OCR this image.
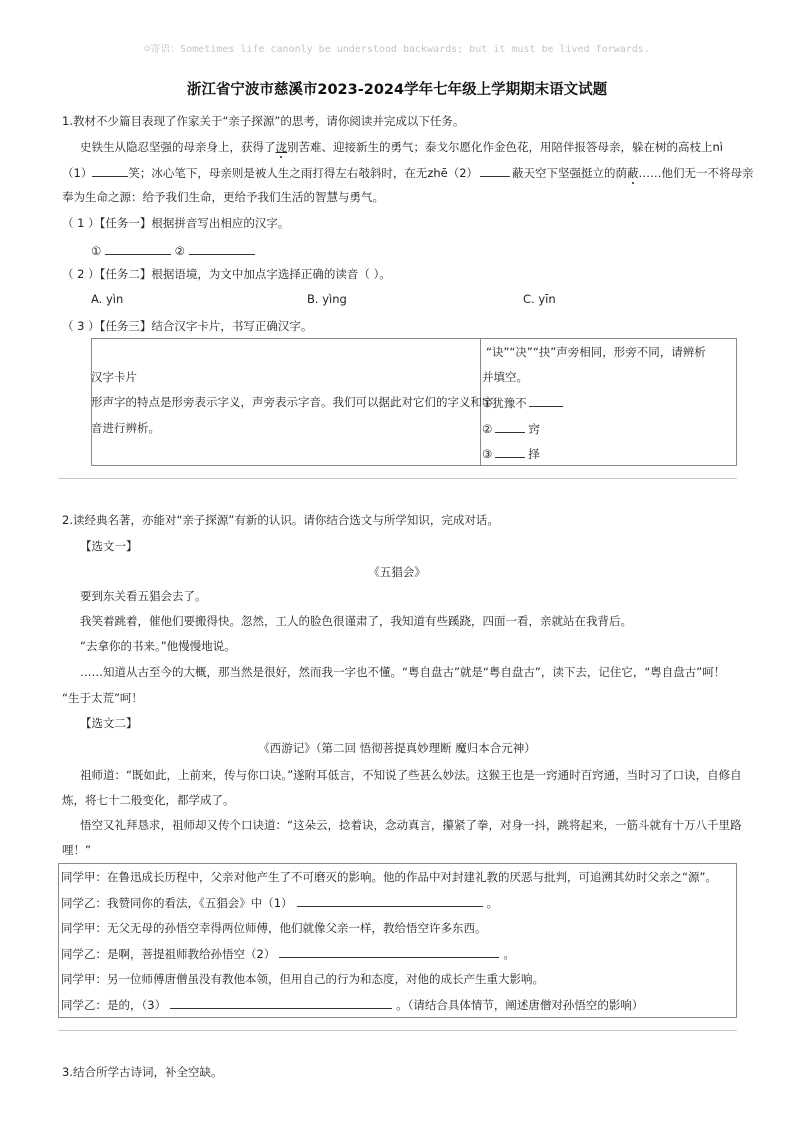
☺寄语：Sometimes life canonly be understood backwards; but it must be lived forwards.
浙江省宁波市慈溪市2023-2024学年七年级上学期期末语文试题
1.教材不少篇目表现了作家关于“亲子探源”的思考，请你阅读并完成以下任务。
史铁生从隐忍坚强的母亲身上，获得了泷别苦难、迎接新生的勇气；泰戈尔愿化作金色花，用陪伴报答母亲，躲在树的高枝上nì
（1）	笑；冰心笔下，母亲则是被人生之雨打得左右攲斜时，在无zhē（2）	蔽天空下坚强挺立的荫蔽……他们无一不将母亲
奉为生命之源：给予我们生命，更给予我们生活的智慧与勇气。
（ 1 ）【任务一】根据拼音写出相应的汉字。
①	②
（ 2 ）【任务二】根据语境，为文中加点字选择正确的读音（ ）。
A. yìn	B. yìng	C. yīn
（ 3 ）【任务三】结合汉字卡片，书写正确汉字。
汉字卡片
形声字的特点是形旁表示字义，声旁表示字音。我们可以据此对它们的字义和字
音进行辨析。
“诀”“决”“抉”声旁相同，形旁不同，请辨析
并填空。
①犹豫不
②	窍
③	择
2.读经典名著，亦能对“亲子探源”有新的认识。请你结合选文与所学知识，完成对话。
【选文一】
《五猖会》
要到东关看五猖会去了。
我笑着跳着，催他们要搬得快。忽然，工人的脸色很谨肃了，我知道有些蹊跷，四面一看，亲就站在我背后。
“去拿你的书来。”他慢慢地说。
……知道从古至今的大概，那当然是很好，然而我一字也不懂。“粤自盘古”就是“粤自盘古”，读下去，记住它，“粤自盘古”呵！
“生于太荒”呵！
【选文二】
《西游记》（第二回 悟彻菩提真妙理断 魔归本合元神）
祖师道：“既如此，上前来，传与你口诀。”遂附耳低言，不知说了些甚么妙法。这猴王也是一窍通时百窍通，当时习了口诀，自修自
炼，将七十二般变化，都学成了。
悟空又礼拜恳求，祖师却又传个口诀道：“这朵云，捻着诀，念动真言，攥紧了拳，对身一抖，跳将起来，一筋斗就有十万八千里路
哩！”
同学甲：在鲁迅成长历程中，父亲对他产生了不可磨灭的影响。他的作品中对封建礼教的厌恶与批判，可追溯其幼时父亲之“源”。
同学乙：我赞同你的看法，《五猖会》中（1）	。
同学甲：无父无母的孙悟空幸得两位师傅，他们就像父亲一样，教给悟空许多东西。
同学乙：是啊，菩提祖师教给孙悟空（2）	。
同学甲：另一位师傅唐僧虽没有教他本领，但用自己的行为和态度，对他的成长产生重大影响。
同学乙：是的，（3）	。（请结合具体情节，阐述唐僧对孙悟空的影响）
3.结合所学古诗词，补全空缺。
